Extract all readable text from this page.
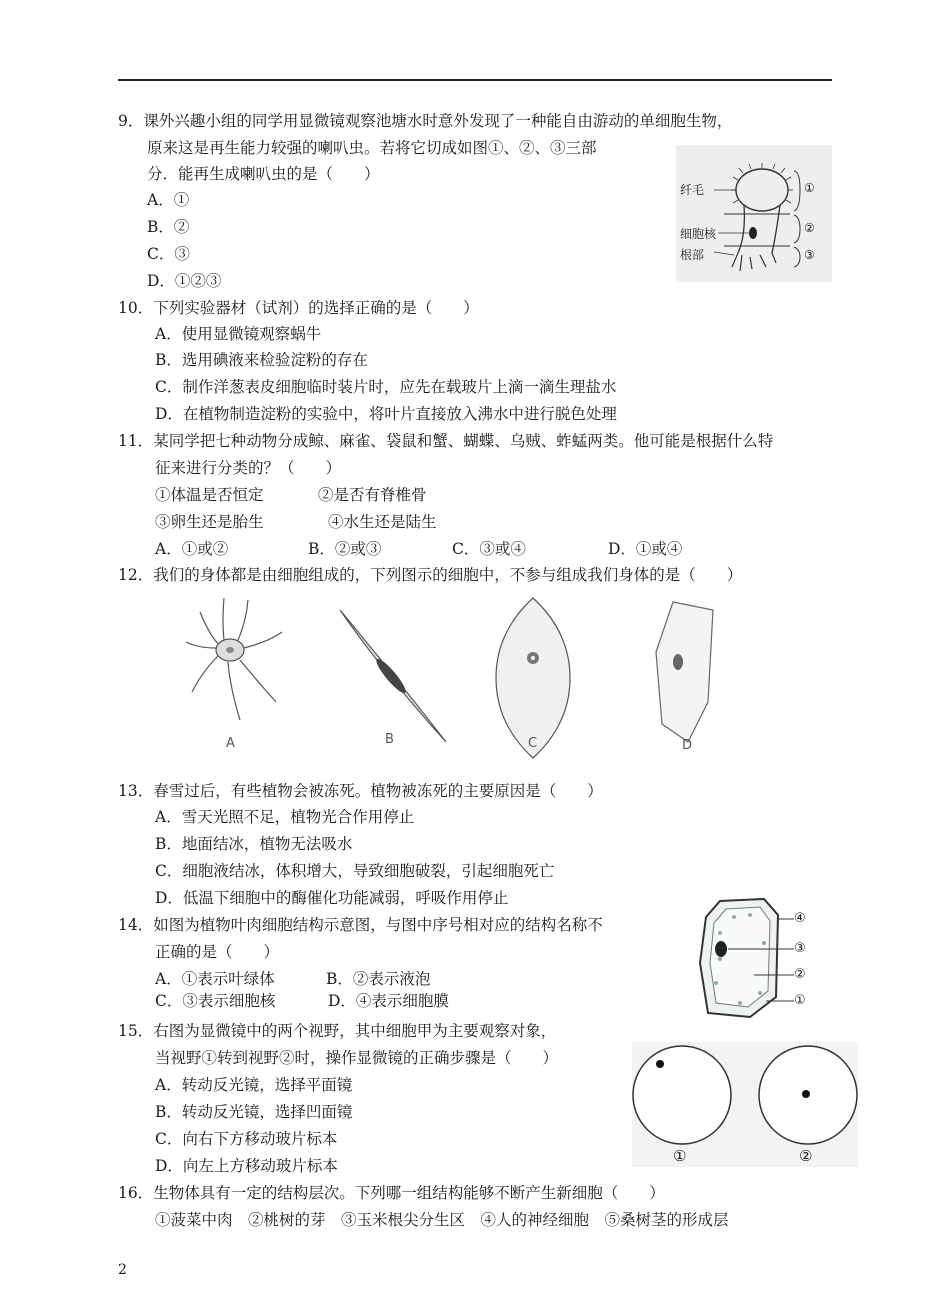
9．课外兴趣小组的同学用显微镜观察池塘水时意外发现了一种能自由游动的单细胞生物，
原来这是再生能力较强的喇叭虫。若将它切成如图①、②、③三部
分．能再生成喇叭虫的是（　　）
A．①
B．②
C．③
D．①②③
纤毛
细胞核
根部
①
②
③
10．下列实验器材（试剂）的选择正确的是（　　）
A．使用显微镜观察蜗牛
B．选用碘液来检验淀粉的存在
C．制作洋葱表皮细胞临时装片时，应先在载玻片上滴一滴生理盐水
D．在植物制造淀粉的实验中，将叶片直接放入沸水中进行脱色处理
11．某同学把七种动物分成鲸、麻雀、袋鼠和蟹、蝴蝶、乌贼、蚱蜢两类。他可能是根据什么特
征来进行分类的？（　　）
①体温是否恒定	②是否有脊椎骨
③卵生还是胎生	④水生还是陆生
A．①或②	B．②或③	C．③或④	D．①或④
12．我们的身体都是由细胞组成的，下列图示的细胞中，不参与组成我们身体的是（　　）
A	B	C	D
13．春雪过后，有些植物会被冻死。植物被冻死的主要原因是（　　）
A．雪天光照不足，植物光合作用停止
B．地面结冰，植物无法吸水
C．细胞液结冰，体积增大，导致细胞破裂，引起细胞死亡
D．低温下细胞中的酶催化功能减弱，呼吸作用停止
14．如图为植物叶肉细胞结构示意图，与图中序号相对应的结构名称不
正确的是（　　）
A．①表示叶绿体	B．②表示液泡
C．③表示细胞核	D．④表示细胞膜
④
③
②
①
15．右图为显微镜中的两个视野，其中细胞甲为主要观察对象，
当视野①转到视野②时，操作显微镜的正确步骤是（　　）
A．转动反光镜，选择平面镜
B．转动反光镜，选择凹面镜
C．向右下方移动玻片标本
D．向左上方移动玻片标本
①	②
16．生物体具有一定的结构层次。下列哪一组结构能够不断产生新细胞（　　）
①菠菜中肉　②桃树的芽　③玉米根尖分生区　④人的神经细胞　⑤桑树茎的形成层
2
